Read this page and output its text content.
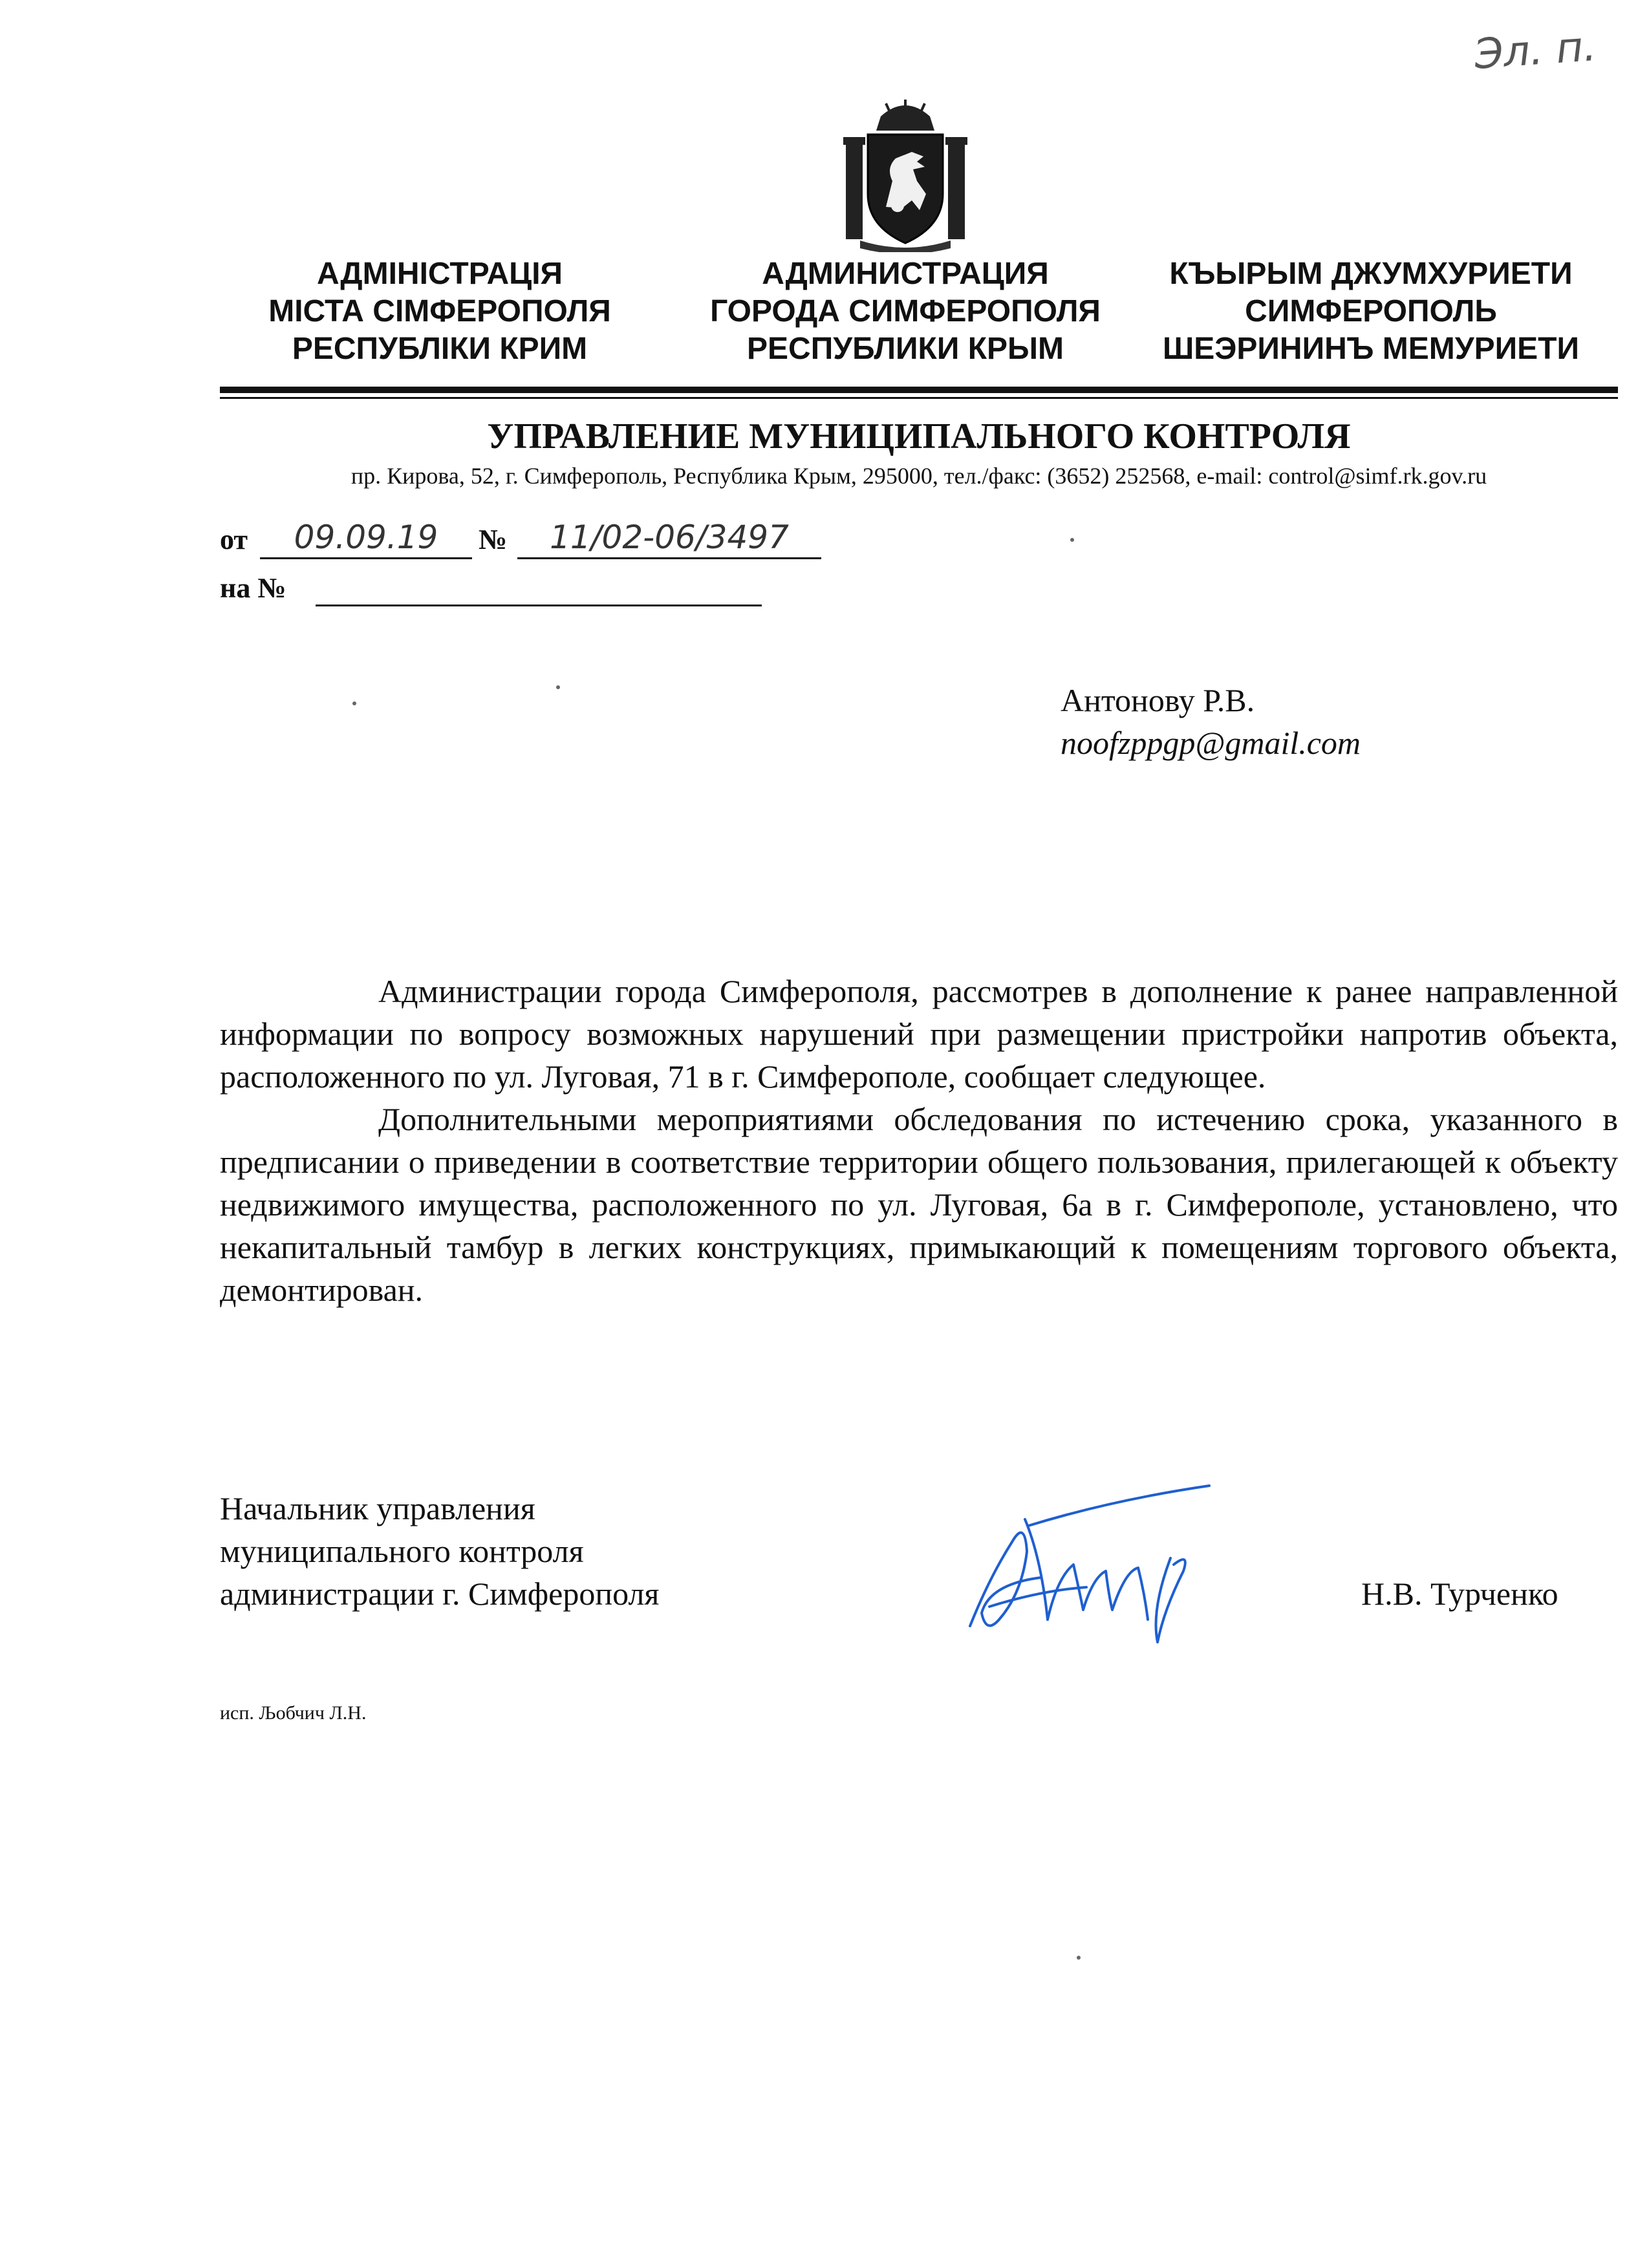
Эл. п.
АДМІНІСТРАЦІЯ
МІСТА СІМФЕРОПОЛЯ
РЕСПУБЛІКИ КРИМ
АДМИНИСТРАЦИЯ
ГОРОДА СИМФЕРОПОЛЯ
РЕСПУБЛИКИ КРЫМ
КЪЫРЫМ ДЖУМХУРИЕТИ
СИМФЕРОПОЛЬ
ШЕЭРИНИНЪ МЕМУРИЕТИ
УПРАВЛЕНИЕ МУНИЦИПАЛЬНОГО КОНТРОЛЯ
пр. Кирова, 52, г. Симферополь, Республика Крым, 295000, тел./факс: (3652) 252568, e-mail: control@simf.rk.gov.ru
от	09.09.19	№	11/02-06/3497
на №
Антонову Р.В.
noofzppgp@gmail.com

Администрации города Симферополя, рассмотрев в дополнение к ранее направленной информации по вопросу возможных нарушений при размещении пристройки напротив объекта, расположенного по ул. Луговая, 71 в г. Симферополе, сообщает следующее.

Дополнительными мероприятиями обследования по истечению срока, указанного в предписании о приведении в соответствие территории общего пользования, прилегающей к объекту недвижимого имущества, расположенного по ул. Луговая, 6а в г. Симферополе, установлено, что некапитальный тамбур в легких конструкциях, примыкающий к помещениям торгового объекта, демонтирован.

Начальник управления
муниципального контроля
администрации г. Симферополя	Н.В. Турченко
исп. Љобчич Л.Н.
